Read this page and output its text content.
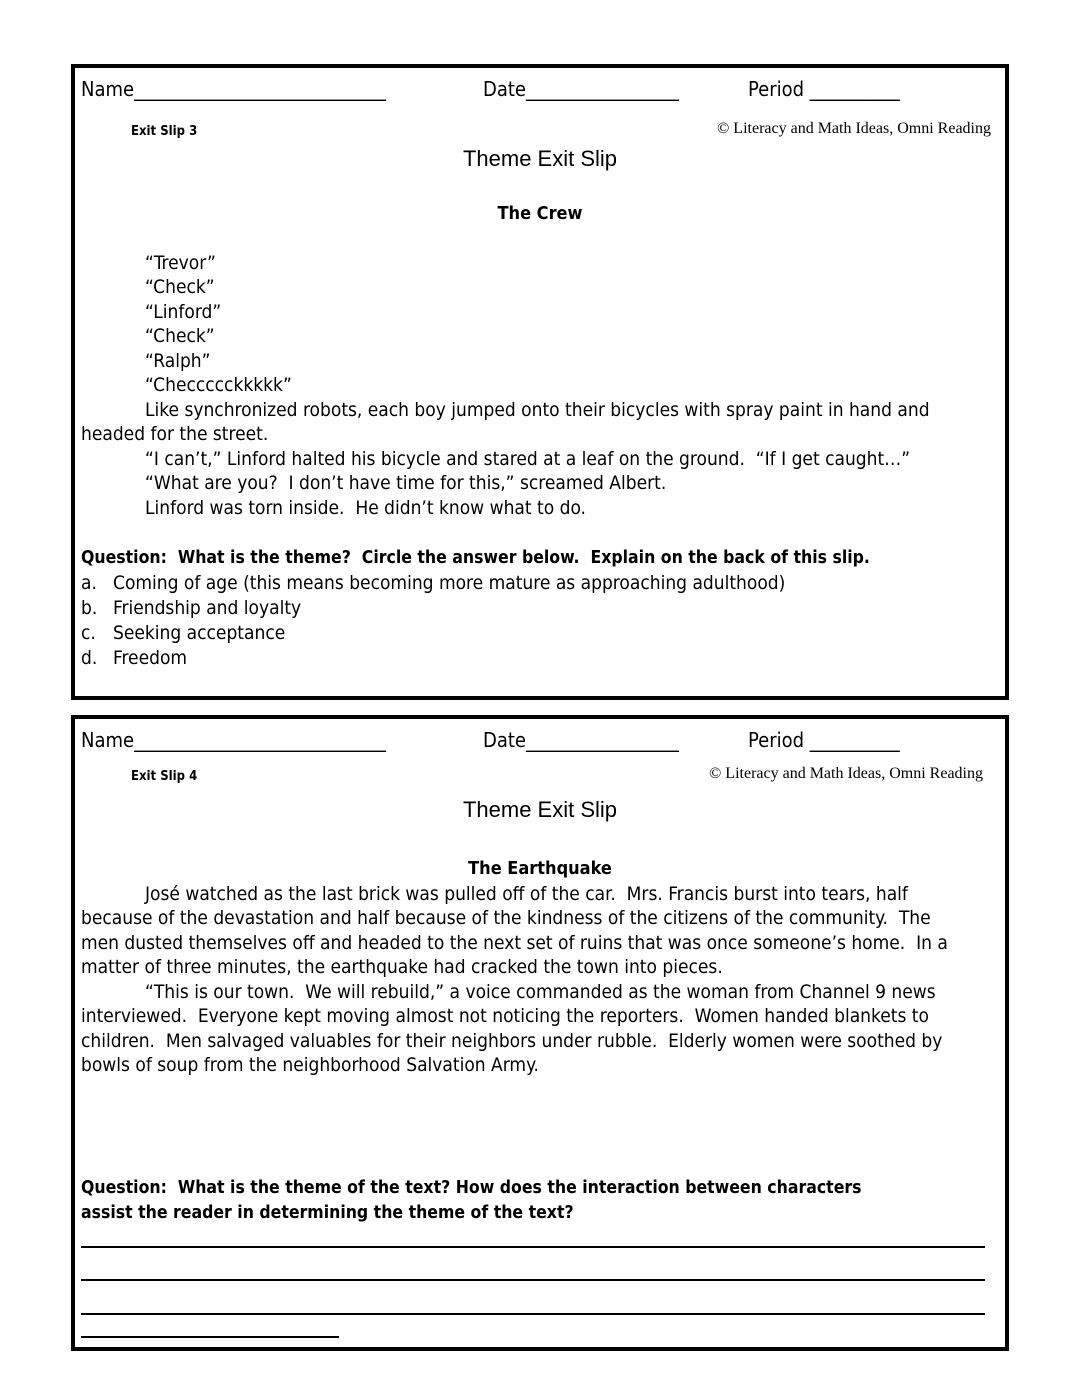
Name____________________________	Date_________________	Period __________
Exit Slip 3	© Literacy and Math Ideas, Omni Reading
Theme Exit Slip
The Crew
“Trevor”
“Check”
“Linford”
“Check”
“Ralph”
“Checcccckkkkk”
Like synchronized robots, each boy jumped onto their bicycles with spray paint in hand and
headed for the street.
“I can’t,” Linford halted his bicycle and stared at a leaf on the ground.  “If I get caught…”
“What are you?  I don’t have time for this,” screamed Albert.
Linford was torn inside.  He didn’t know what to do.
Question:  What is the theme?  Circle the answer below.  Explain on the back of this slip.
a. Coming of age (this means becoming more mature as approaching adulthood)
b. Friendship and loyalty
c. Seeking acceptance
d. Freedom
Name____________________________	Date_________________	Period __________
Exit Slip 4	© Literacy and Math Ideas, Omni Reading
Theme Exit Slip
The Earthquake
José watched as the last brick was pulled off of the car.  Mrs. Francis burst into tears, half
because of the devastation and half because of the kindness of the citizens of the community.  The
men dusted themselves off and headed to the next set of ruins that was once someone’s home.  In a
matter of three minutes, the earthquake had cracked the town into pieces.
“This is our town.  We will rebuild,” a voice commanded as the woman from Channel 9 news
interviewed.  Everyone kept moving almost not noticing the reporters.  Women handed blankets to
children.  Men salvaged valuables for their neighbors under rubble.  Elderly women were soothed by
bowls of soup from the neighborhood Salvation Army.
Question:  What is the theme of the text? How does the interaction between characters
assist the reader in determining the theme of the text?
